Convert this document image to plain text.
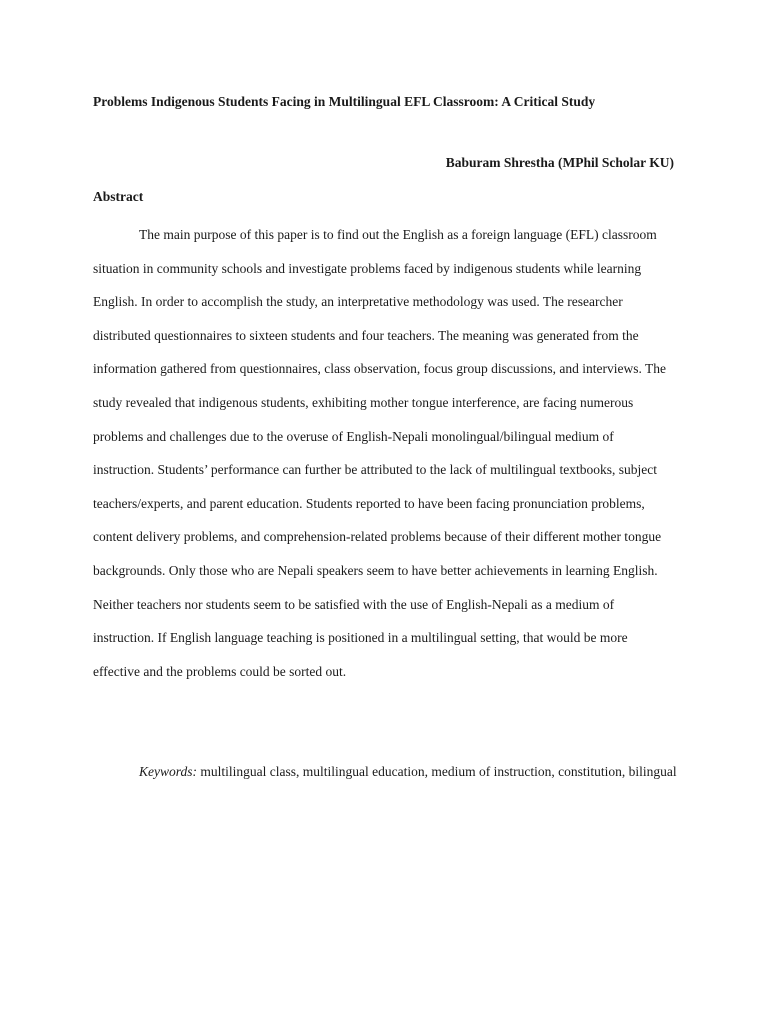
Problems Indigenous Students Facing in Multilingual EFL Classroom: A Critical Study

Baburam Shrestha (MPhil Scholar KU)

Abstract

The main purpose of this paper is to find out the English as a foreign language (EFL) classroom situation in community schools and investigate problems faced by indigenous students while learning English. In order to accomplish the study, an interpretative methodology was used. The researcher distributed questionnaires to sixteen students and four teachers. The meaning was generated from the information gathered from questionnaires, class observation, focus group discussions, and interviews. The study revealed that indigenous students, exhibiting mother tongue interference, are facing numerous problems and challenges due to the overuse of English-Nepali monolingual/bilingual medium of instruction. Students’ performance can further be attributed to the lack of multilingual textbooks, subject teachers/experts, and parent education. Students reported to have been facing pronunciation problems, content delivery problems, and comprehension-related problems because of their different mother tongue backgrounds. Only those who are Nepali speakers seem to have better achievements in learning English. Neither teachers nor students seem to be satisfied with the use of English-Nepali as a medium of instruction. If English language teaching is positioned in a multilingual setting, that would be more effective and the problems could be sorted out.

Keywords: multilingual class, multilingual education, medium of instruction, constitution, bilingual
